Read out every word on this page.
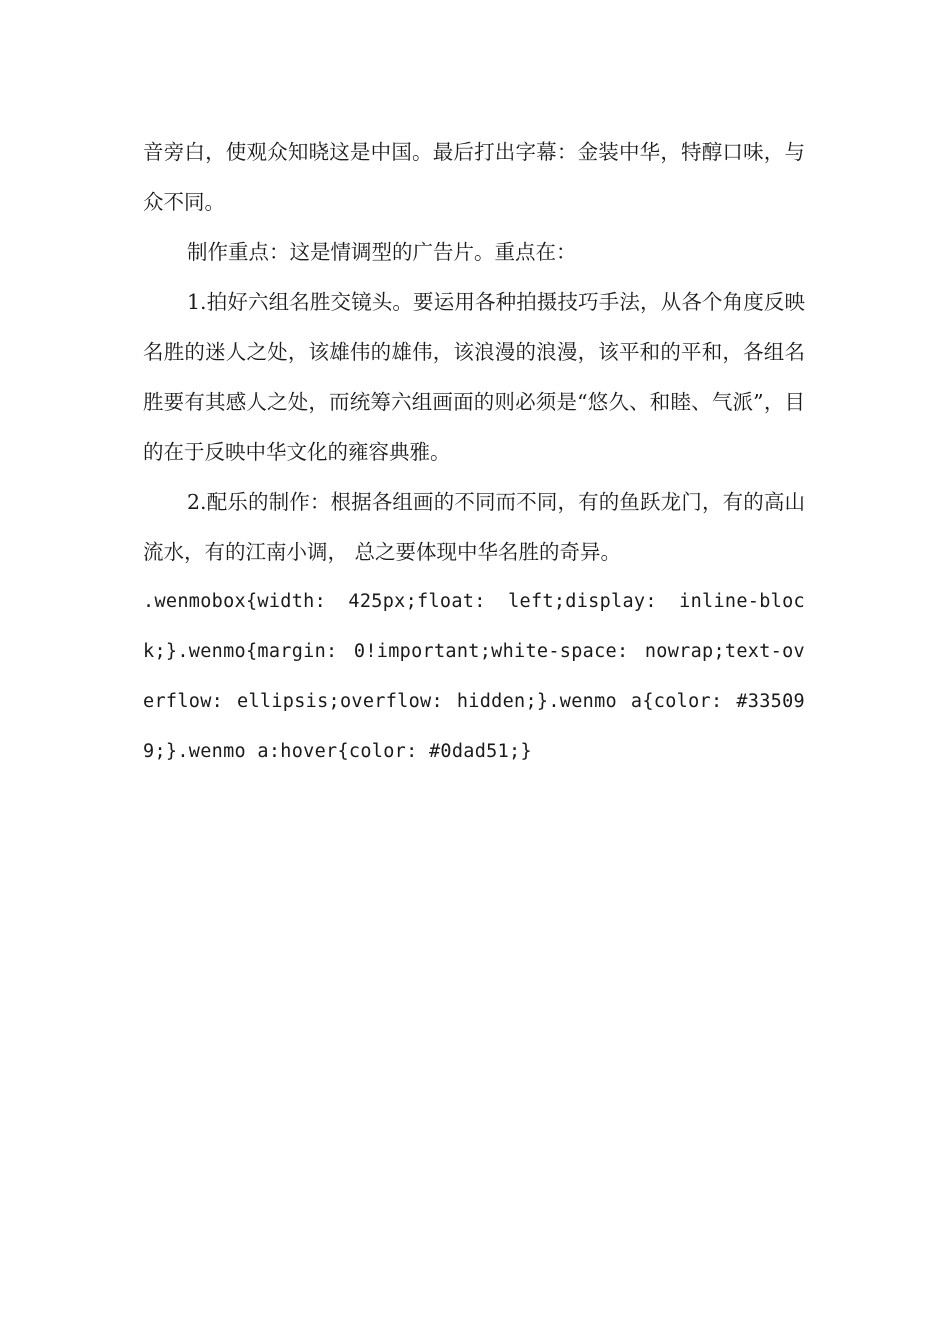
音旁白，使观众知晓这是中国。最后打出字幕：金装中华，特醇口味，与众不同。

制作重点：这是情调型的广告片。重点在：

1.拍好六组名胜交镜头。要运用各种拍摄技巧手法，从各个角度反映名胜的迷人之处，该雄伟的雄伟，该浪漫的浪漫，该平和的平和，各组名胜要有其感人之处，而统筹六组画面的则必须是“悠久、和睦、气派”，目的在于反映中华文化的雍容典雅。

2.配乐的制作：根据各组画的不同而不同，有的鱼跃龙门，有的高山流水，有的江南小调， 总之要体现中华名胜的奇异。

.wenmobox{width: 425px;float: left;display: inline-block;}.wenmo{margin: 0!important;white-space: nowrap;text-overflow: ellipsis;overflow: hidden;}.wenmo a{color: #335099;}.wenmo a:hover{color: #0dad51;}
